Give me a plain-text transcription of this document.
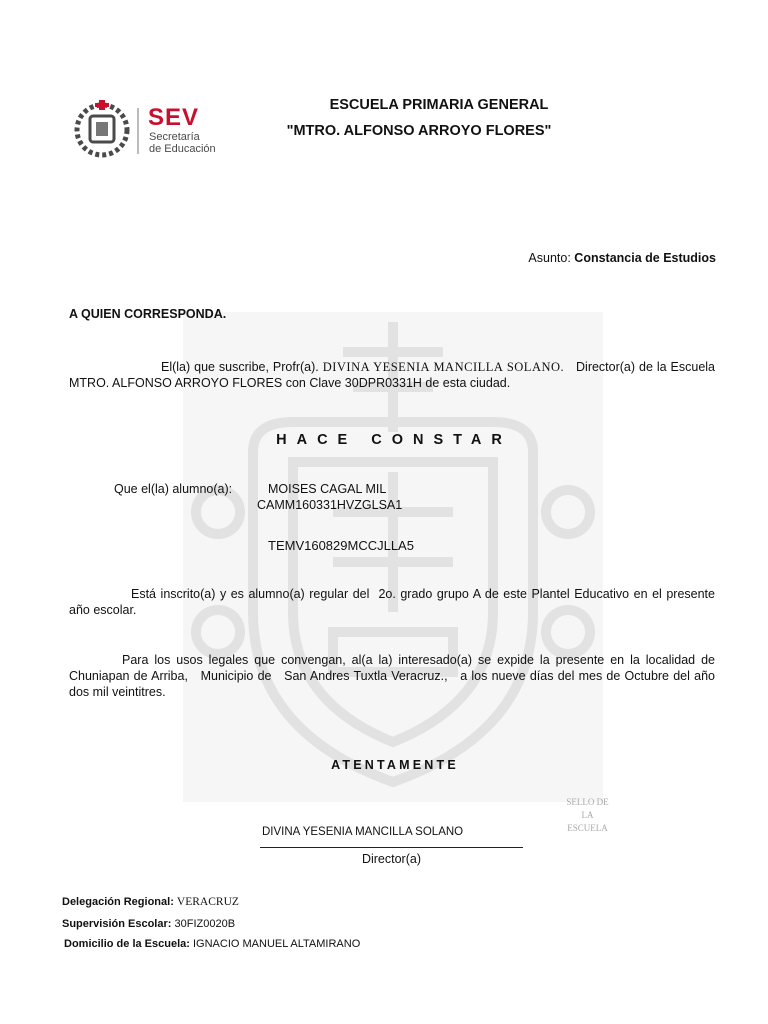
SEV
Secretaría
de Educación
ESCUELA PRIMARIA GENERAL
"MTRO. ALFONSO ARROYO FLORES"
Asunto: Constancia de Estudios
A QUIEN CORRESPONDA.
El(la) que suscribe, Profr(a). DIVINA YESENIA MANCILLA SOLANO. Director(a) de la Escuela MTRO. ALFONSO ARROYO FLORES con Clave 30DPR0331H de esta ciudad.
HACE CONSTAR
Que el(la) alumno(a):	MOISES CAGAL MIL
CAMM160331HVZGLSA1
TEMV160829MCCJLLA5
Está inscrito(a) y es alumno(a) regular del 2o. grado grupo A de este Plantel Educativo en el presente año escolar.
Para los usos legales que convengan, al(a la) interesado(a) se expide la presente en la localidad de Chuniapan de Arriba, Municipio de San Andres Tuxtla Veracruz., a los nueve días del mes de Octubre del año dos mil veintitres.
ATENTAMENTE
SELLO DE
LA
ESCUELA
DIVINA YESENIA MANCILLA SOLANO
Director(a)
Delegación Regional: VERACRUZ
Supervisión Escolar: 30FIZ0020B
Domicilio de la Escuela: IGNACIO MANUEL ALTAMIRANO
